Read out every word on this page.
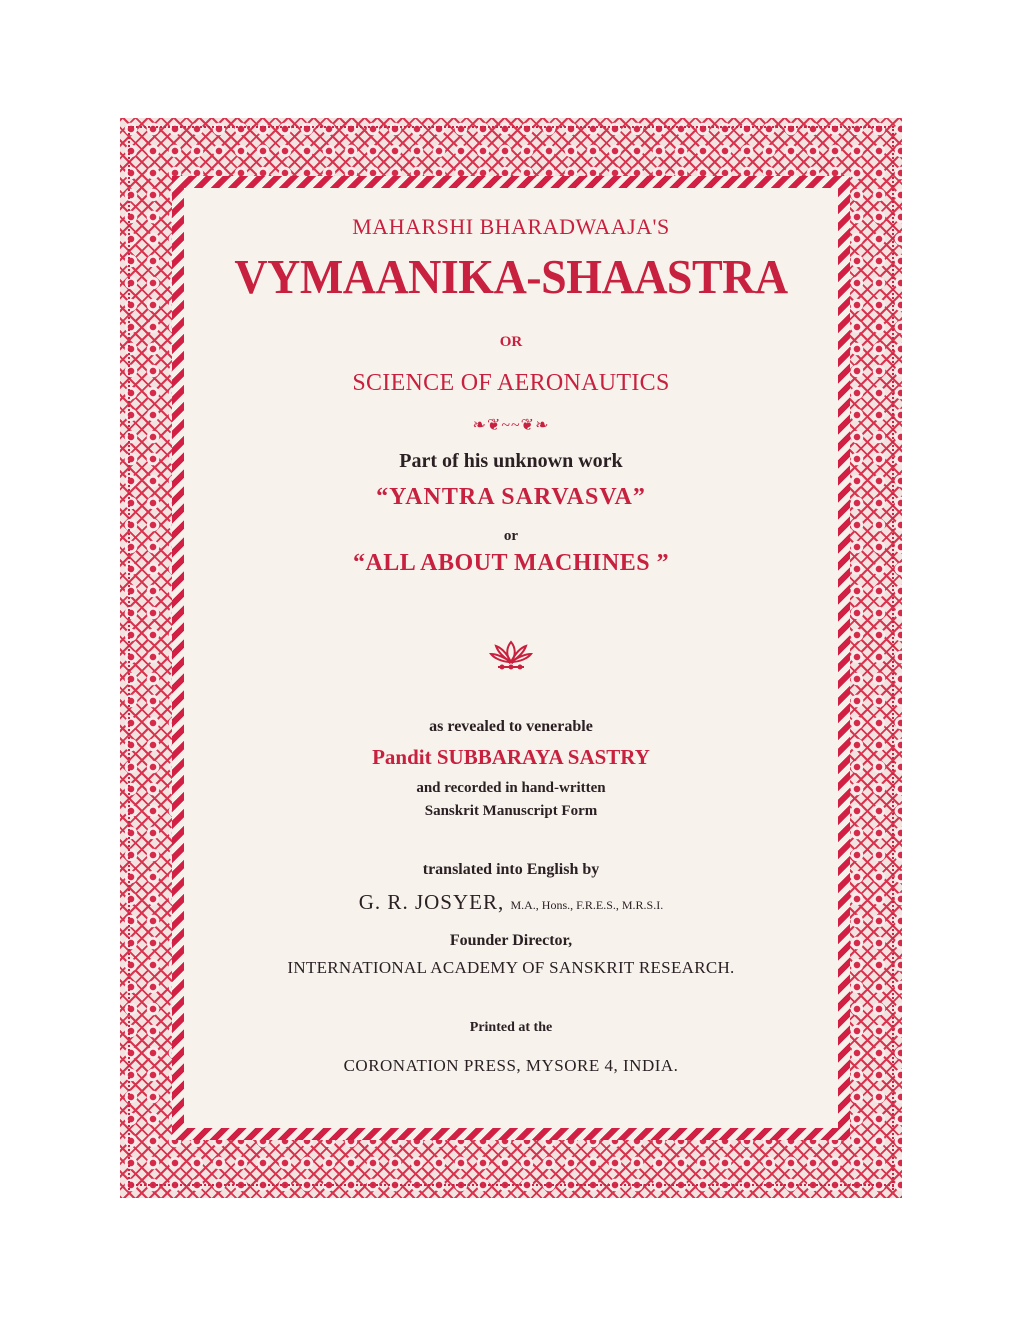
MAHARSHI BHARADWAAJA'S
VYMAANIKA-SHAASTRA
OR
SCIENCE OF AERONAUTICS
❧❦~~❦❧
Part of his unknown work
“YANTRA SARVASVA”
or
“ALL ABOUT MACHINES ”
as revealed to venerable
Pandit SUBBARAYA SASTRY
and recorded in hand-written
Sanskrit Manuscript Form
translated into English by
G. R. JOSYER, M.A., Hons., F.R.E.S., M.R.S.I.
Founder Director,
INTERNATIONAL ACADEMY OF SANSKRIT RESEARCH.
Printed at the
CORONATION PRESS, MYSORE 4, INDIA.
